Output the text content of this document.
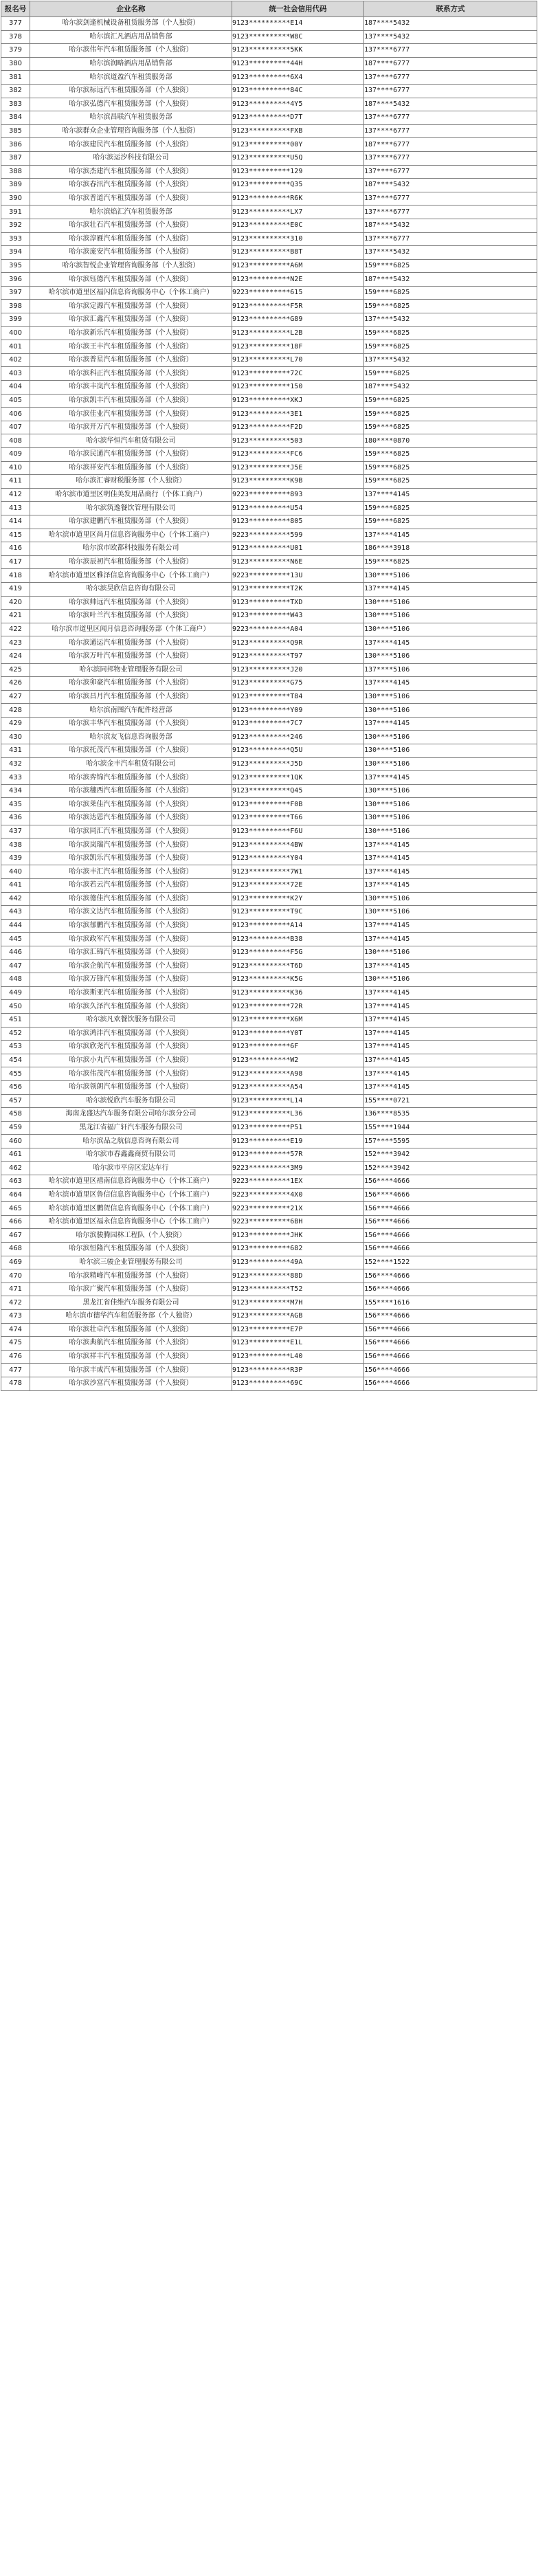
报名号	企业名称	统一社会信用代码	联系方式
377	哈尔滨剑逢机械设备租赁服务部（个人独资）	9123**********E14	187****5432
378	哈尔滨汇凡酒店用品销售部	9123**********W8C	137****5432
379	哈尔滨伟年汽车租赁服务部（个人独资）	9123**********5KK	137****6777
380	哈尔滨润略酒店用品销售部	9123**********44H	187****6777
381	哈尔滨道盈汽车租赁服务部	9123**********6X4	137****6777
382	哈尔滨标远汽车租赁服务部（个人独资）	9123**********84C	137****6777
383	哈尔滨弘德汽车租赁服务部（个人独资）	9123**********4Y5	187****5432
384	哈尔滨昌联汽车租赁服务部	9123**********D7T	137****6777
385	哈尔滨群众企业管理咨询服务部（个人独资）	9123**********FXB	137****6777
386	哈尔滨建民汽车租赁服务部（个人独资）	9123**********00Y	187****6777
387	哈尔滨运汐科技有限公司	9123**********U5Q	137****6777
388	哈尔滨杰建汽车租赁服务部（个人独资）	9123**********129	137****6777
389	哈尔滨春汛汽车租赁服务部（个人独资）	9123**********Q35	187****5432
390	哈尔滨普道汽车租赁服务部（个人独资）	9123**********R6K	137****6777
391	哈尔滨焰汇汽车租赁服务部	9123**********LX7	137****6777
392	哈尔滨壮石汽车租赁服务部（个人独资）	9123**********E0C	187****5432
393	哈尔滨淳雁汽车租赁服务部（个人独资）	9123**********310	137****6777
394	哈尔滨庞安汽车租赁服务部（个人独资）	9123**********B8T	137****5432
395	哈尔滨智悦企业管理咨询服务部（个人独资）	9123**********A6M	159****6825
396	哈尔滨钰德汽车租赁服务部（个人独资）	9123**********N2E	187****5432
397	哈尔滨市道里区福闪信息咨询服务中心（个体工商户）	9223**********615	159****6825
398	哈尔滨定源汽车租赁服务部（个人独资）	9123**********F5R	159****6825
399	哈尔滨汇鑫汽车租赁服务部（个人独资）	9123**********G89	137****5432
400	哈尔滨新乐汽车租赁服务部（个人独资）	9123**********L2B	159****6825
401	哈尔滨王丰汽车租赁服务部（个人独资）	9123**********18F	159****6825
402	哈尔滨普星汽车租赁服务部（个人独资）	9123**********L70	137****5432
403	哈尔滨科正汽车租赁服务部（个人独资）	9123**********72C	159****6825
404	哈尔滨丰岚汽车租赁服务部（个人独资）	9123**********150	187****5432
405	哈尔滨凯丰汽车租赁服务部（个人独资）	9123**********XKJ	159****6825
406	哈尔滨佳业汽车租赁服务部（个人独资）	9123**********3E1	159****6825
407	哈尔滨开万汽车租赁服务部（个人独资）	9123**********F2D	159****6825
408	哈尔滨华恒汽车租赁有限公司	9123**********503	180****0870
409	哈尔滨民通汽车租赁服务部（个人独资）	9123**********FC6	159****6825
410	哈尔滨祥安汽车租赁服务部（个人独资）	9123**********J5E	159****6825
411	哈尔滨汇睿财税服务部（个人独资）	9123**********K9B	159****6825
412	哈尔滨市道里区明佳美发用品商行（个体工商户）	9223**********893	137****4145
413	哈尔滨筑逸餐饮管理有限公司	9123**********U54	159****6825
414	哈尔滨建鹏汽车租赁服务部（个人独资）	9123**********805	159****6825
415	哈尔滨市道里区尚月信息咨询服务中心（个体工商户）	9223**********599	137****4145
416	哈尔滨市欧都科技服务有限公司	9123**********U01	186****3918
417	哈尔滨辰初汽车租赁服务部（个人独资）	9123**********N6E	159****6825
418	哈尔滨市道里区雅泽信息咨询服务中心（个体工商户）	9223**********13U	130****5106
419	哈尔滨昊欣信息咨询有限公司	9123**********T2K	137****4145
420	哈尔滨帅远汽车租赁服务部（个人独资）	9123**********TXD	130****5106
421	哈尔滨叶兰汽车租赁服务部（个人独资）	9123**********W43	130****5106
422	哈尔滨市道里区闻月信息咨询服务部（个体工商户）	9223**********A04	130****5106
423	哈尔滨通运汽车租赁服务部（个人独资）	9123**********Q9R	137****4145
424	哈尔滨万叶汽车租赁服务部（个人独资）	9123**********T97	130****5106
425	哈尔滨同邦物业管理服务有限公司	9123**********J20	137****5106
426	哈尔滨卯豪汽车租赁服务部（个人独资）	9123**********G75	137****4145
427	哈尔滨昌月汽车租赁服务部（个人独资）	9123**********T84	130****5106
428	哈尔滨南图汽车配件经营部	9123**********Y09	130****5106
429	哈尔滨丰华汽车租赁服务部（个人独资）	9123**********7C7	137****4145
430	哈尔滨友飞信息咨询服务部	9123**********246	130****5106
431	哈尔滨托茂汽车租赁服务部（个人独资）	9123**********Q5U	130****5106
432	哈尔滨金丰汽车租赁有限公司	9123**********J5D	130****5106
433	哈尔滨弈锦汽车租赁服务部（个人独资）	9123**********1QK	137****4145
434	哈尔滨穗西汽车租赁服务部（个人独资）	9123**********Q45	130****5106
435	哈尔滨莱佳汽车租赁服务部（个人独资）	9123**********F0B	130****5106
436	哈尔滨达恩汽车租赁服务部（个人独资）	9123**********T66	130****5106
437	哈尔滨同汇汽车租赁服务部（个人独资）	9123**********F6U	130****5106
438	哈尔滨岚瑞汽车租赁服务部（个人独资）	9123**********4BW	137****4145
439	哈尔滨凯乐汽车租赁服务部（个人独资）	9123**********Y04	137****4145
440	哈尔滨丰汇汽车租赁服务部（个人独资）	9123**********7W1	137****4145
441	哈尔滨若云汽车租赁服务部（个人独资）	9123**********72E	137****4145
442	哈尔滨德佳汽车租赁服务部（个人独资）	9123**********K2Y	130****5106
443	哈尔滨文达汽车租赁服务部（个人独资）	9123**********T9C	130****5106
444	哈尔滨郁鹏汽车租赁服务部（个人独资）	9123**********A14	137****4145
445	哈尔滨政军汽车租赁服务部（个人独资）	9123**********B38	137****4145
446	哈尔滨汇锦汽车租赁服务部（个人独资）	9123**********F5G	130****5106
447	哈尔滨企航汽车租赁服务部（个人独资）	9123**********T6D	137****4145
448	哈尔滨万锋汽车租赁服务部（个人独资）	9123**********K5G	130****5106
449	哈尔滨斯亚汽车租赁服务部（个人独资）	9123**********K36	137****4145
450	哈尔滨久泽汽车租赁服务部（个人独资）	9123**********72R	137****4145
451	哈尔滨凡欢餐饮服务有限公司	9123**********X6M	137****4145
452	哈尔滨鸿沣汽车租赁服务部（个人独资）	9123**********Y0T	137****4145
453	哈尔滨欣尧汽车租赁服务部（个人独资）	9123**********6F	137****4145
454	哈尔滨小丸汽车租赁服务部（个人独资）	9123**********W2	137****4145
455	哈尔滨伟茂汽车租赁服务部（个人独资）	9123**********A98	137****4145
456	哈尔滨领朗汽车租赁服务部（个人独资）	9123**********A54	137****4145
457	哈尔滨悦欣汽车服务有限公司	9123**********L14	155****0721
458	海南龙盛达汽车服务有限公司哈尔滨分公司	9123**********L36	136****8535
459	黑龙江省福广轩汽车服务有限公司	9123**********P51	155****1944
460	哈尔滨品之航信息咨询有限公司	9123**********E19	157****5595
461	哈尔滨市春鑫鑫商贸有限公司	9123**********57R	152****3942
462	哈尔滨市平房区宏达车行	9223**********3M9	152****3942
463	哈尔滨市道里区禧南信息咨询服务中心（个体工商户）	9223**********1EX	156****4666
464	哈尔滨市道里区鲁信信息咨询服务中心（个体工商户）	9223**********4X0	156****4666
465	哈尔滨市道里区鹏贺信息咨询服务中心（个体工商户）	9223**********21X	156****4666
466	哈尔滨市道里区福永信息咨询服务中心（个体工商户）	9223**********6BH	156****4666
467	哈尔滨骏腾园林工程队（个人独资）	9123**********JHK	156****4666
468	哈尔滨恒隆汽车租赁服务部（个人独资）	9123**********682	156****4666
469	哈尔滨三骏企业管理服务有限公司	9123**********49A	152****1522
470	哈尔滨精峰汽车租赁服务部（个人独资）	9123**********88D	156****4666
471	哈尔滨广聚汽车租赁服务部（个人独资）	9123**********T52	156****4666
472	黑龙江省佳维汽车服务有限公司	9123**********M7H	155****1616
473	哈尔滨市德华汽车租赁服务部（个人独资）	9123**********AGB	156****4666
474	哈尔滨壮卓汽车租赁服务部（个人独资）	9123**********E7P	156****4666
475	哈尔滨典航汽车租赁服务部（个人独资）	9123**********E1L	156****4666
476	哈尔滨祥丰汽车租赁服务部（个人独资）	9123**********L40	156****4666
477	哈尔滨丰成汽车租赁服务部（个人独资）	9123**********R3P	156****4666
478	哈尔滨沙富汽车租赁服务部（个人独资）	9123**********69C	156****4666
